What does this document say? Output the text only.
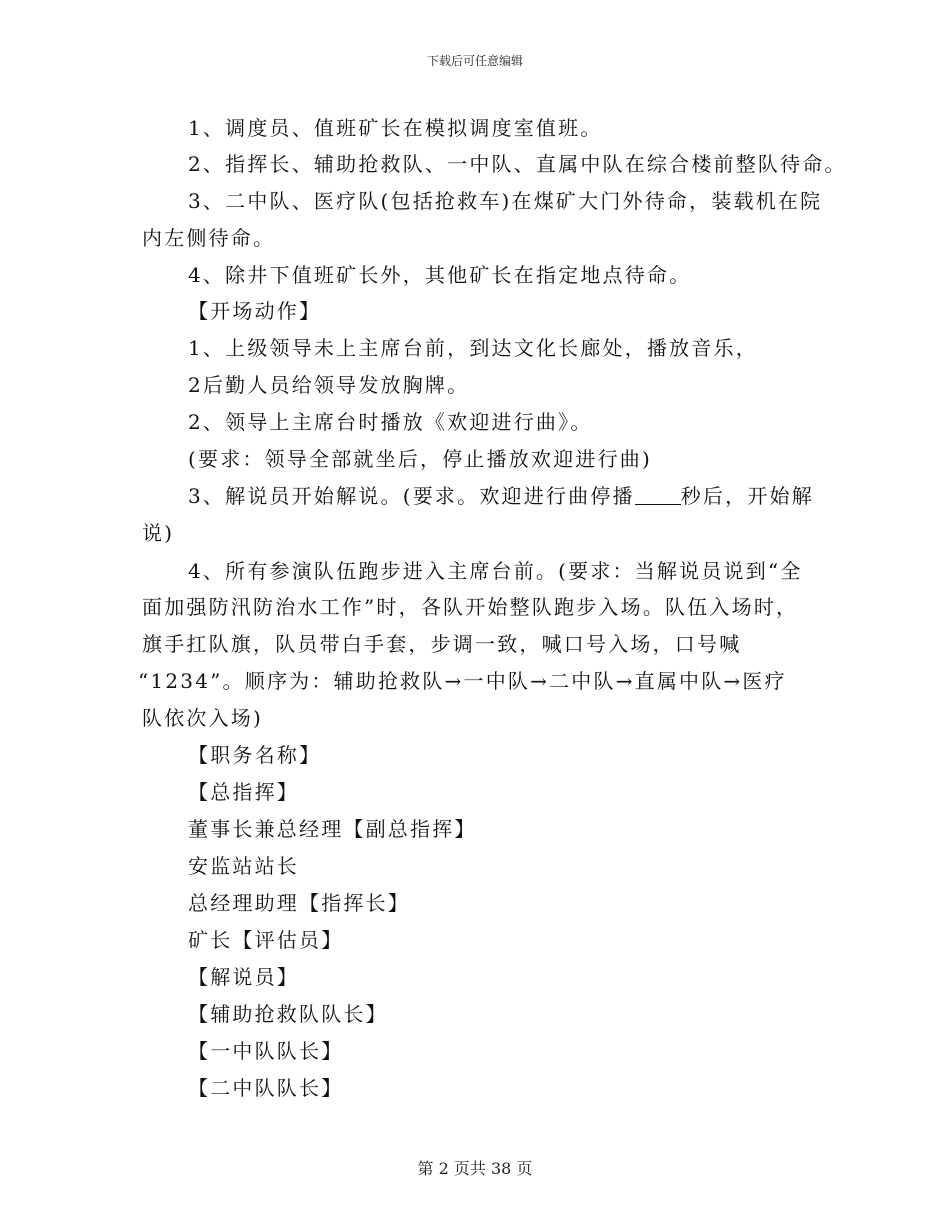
下载后可任意编辑
1、调度员、值班矿长在模拟调度室值班。
2、指挥长、辅助抢救队、一中队、直属中队在综合楼前整队待命。
3、二中队、医疗队(包括抢救车)在煤矿大门外待命，装载机在院
内左侧待命。
4、除井下值班矿长外，其他矿长在指定地点待命。
【开场动作】
1、上级领导未上主席台前，到达文化长廊处，播放音乐，
2后勤人员给领导发放胸牌。
2、领导上主席台时播放《欢迎进行曲》。
(要求：领导全部就坐后，停止播放欢迎进行曲)
3、解说员开始解说。(要求。欢迎进行曲停播 秒后，开始解
说)
4、所有参演队伍跑步进入主席台前。(要求：当解说员说到“全
面加强防汛防治水工作”时，各队开始整队跑步入场。队伍入场时，
旗手扛队旗，队员带白手套，步调一致，喊口号入场，口号喊
“1234”。顺序为：辅助抢救队→一中队→二中队→直属中队→医疗
队依次入场)
【职务名称】
【总指挥】
董事长兼总经理【副总指挥】
安监站站长
总经理助理【指挥长】
矿长【评估员】
【解说员】
【辅助抢救队队长】
【一中队队长】
【二中队队长】
第 2 页共 38 页
